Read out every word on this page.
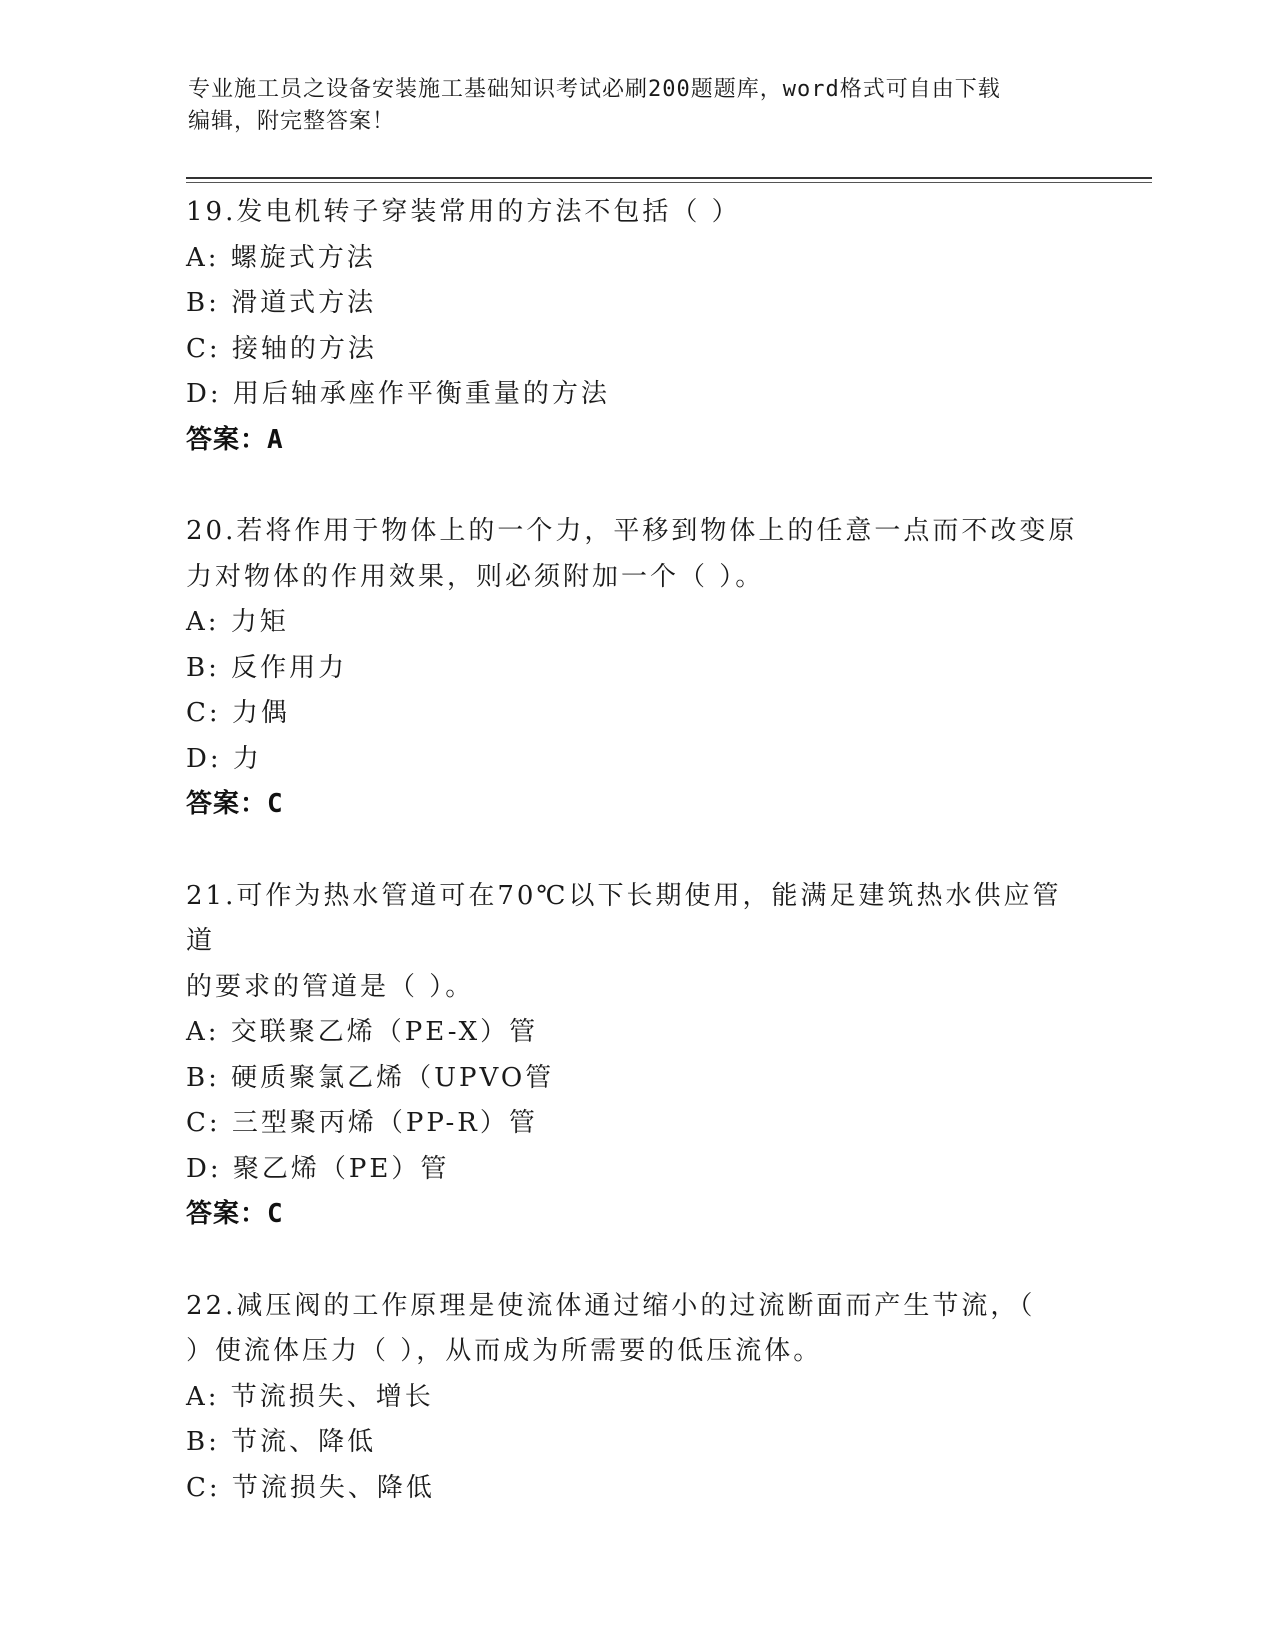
专业施工员之设备安装施工基础知识考试必刷200题题库，word格式可自由下载
编辑，附完整答案！
19.发电机转子穿装常用的方法不包括（ ）
A: 螺旋式方法
B: 滑道式方法
C: 接轴的方法
D: 用后轴承座作平衡重量的方法
答案：A
20.若将作用于物体上的一个力，平移到物体上的任意一点而不改变原
力对物体的作用效果，则必须附加一个（ ）。
A: 力矩
B: 反作用力
C: 力偶
D: 力
答案：C
21.可作为热水管道可在70℃以下长期使用，能满足建筑热水供应管道
的要求的管道是（ ）。
A: 交联聚乙烯（PE-X）管
B: 硬质聚氯乙烯（UPVO管
C: 三型聚丙烯（PP-R）管
D: 聚乙烯（PE）管
答案：C
22.减压阀的工作原理是使流体通过缩小的过流断面而产生节流，（
）使流体压力（ ），从而成为所需要的低压流体。
A: 节流损失、增长
B: 节流、降低
C: 节流损失、降低
